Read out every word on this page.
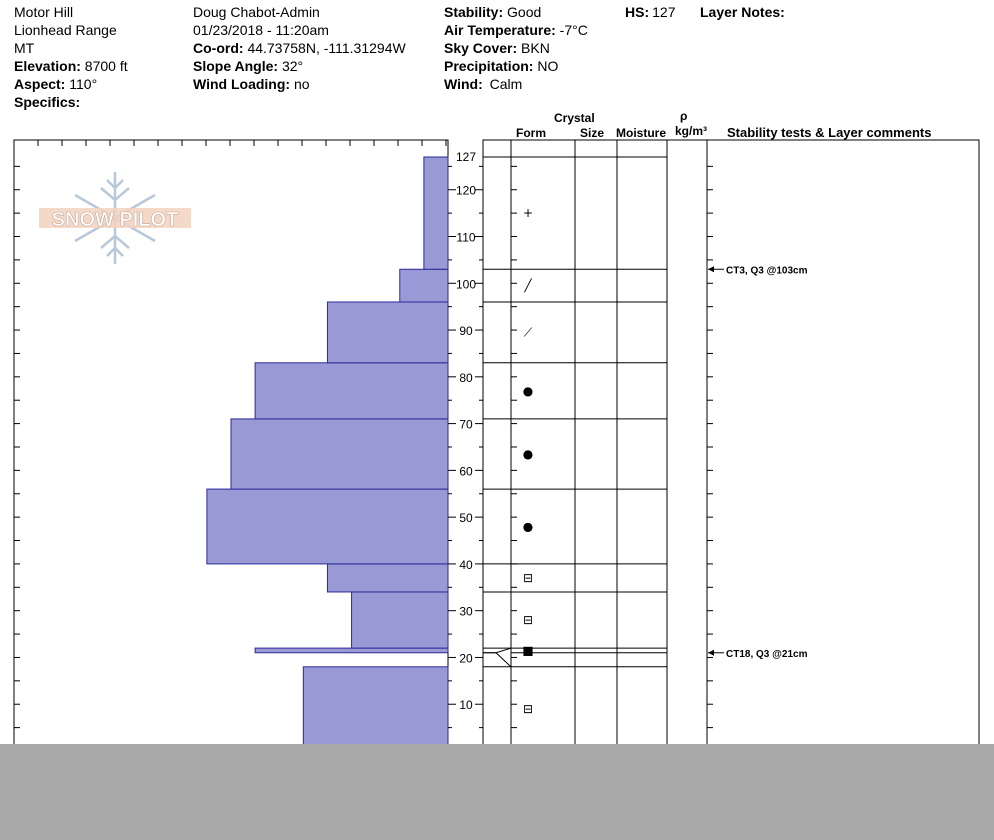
Motor Hill
Lionhead Range
MT
Elevation: 8700 ft
Aspect: 110°
Specifics:
Doug Chabot-Admin
01/23/2018 - 11:20am
Co-ord: 44.73758N, -111.31294W
Slope Angle: 32°
Wind Loading: no
Stability: Good
Air Temperature: -7°C
Sky Cover: BKN
Precipitation: NO
Wind: Calm
HS: 127 Layer Notes:
Crystal
Form	Size Moisture
ρ
kg/m³ Stability tests & Layer comments
SNOW PILOT
10
20
30
40
50
60
70
80
90
100
110
120
127
⊟
■
⊟
⊟
●
●
●
⟋
╱
+
CT3, Q3 @103cm
CT18, Q3 @21cm
